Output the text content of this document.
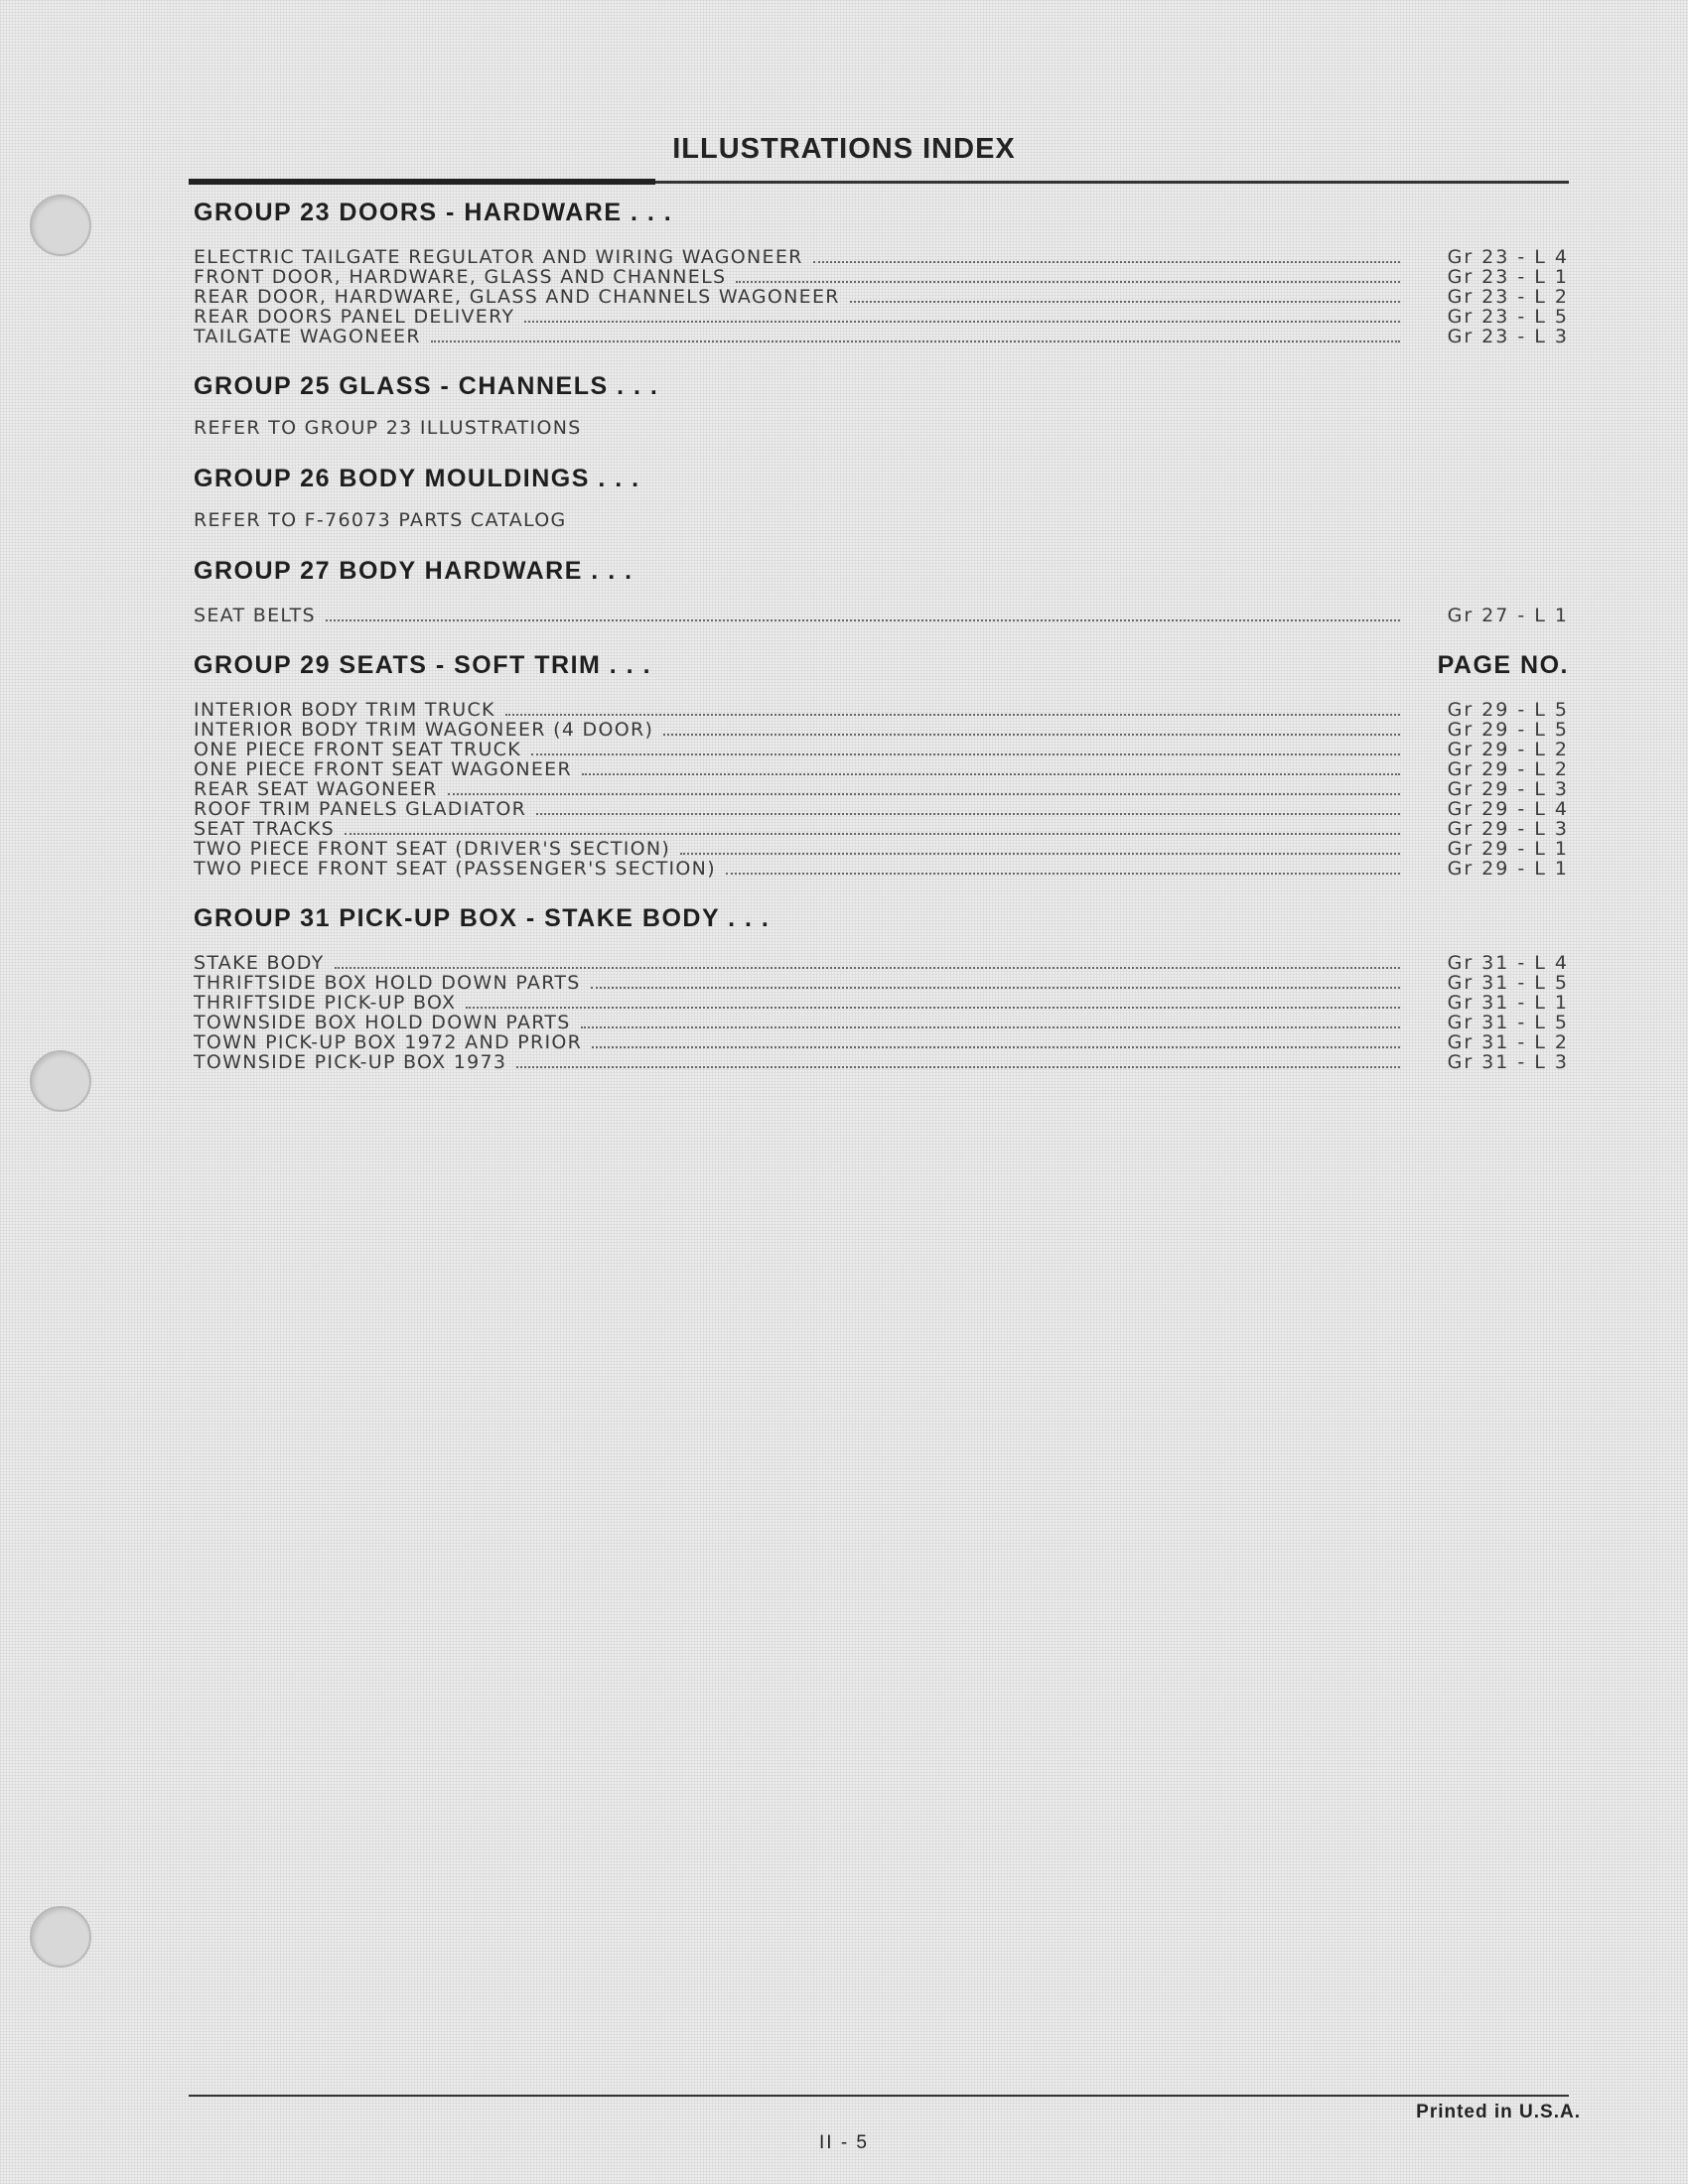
ILLUSTRATIONS INDEX
GROUP 23 DOORS - HARDWARE . . .
ELECTRIC TAILGATE REGULATOR AND WIRING WAGONEER	Gr 23 - L 4
FRONT DOOR, HARDWARE, GLASS AND CHANNELS	Gr 23 - L 1
REAR DOOR, HARDWARE, GLASS AND CHANNELS WAGONEER	Gr 23 - L 2
REAR DOORS PANEL DELIVERY	Gr 23 - L 5
TAILGATE WAGONEER	Gr 23 - L 3
GROUP 25 GLASS - CHANNELS . . .
REFER TO GROUP 23 ILLUSTRATIONS
GROUP 26 BODY MOULDINGS . . .
REFER TO F-76073 PARTS CATALOG
GROUP 27 BODY HARDWARE . . .
SEAT BELTS	Gr 27 - L 1
GROUP 29 SEATS - SOFT TRIM . . .	PAGE NO.
INTERIOR BODY TRIM TRUCK	Gr 29 - L 5
INTERIOR BODY TRIM WAGONEER (4 DOOR)	Gr 29 - L 5
ONE PIECE FRONT SEAT TRUCK	Gr 29 - L 2
ONE PIECE FRONT SEAT WAGONEER	Gr 29 - L 2
REAR SEAT WAGONEER	Gr 29 - L 3
ROOF TRIM PANELS GLADIATOR	Gr 29 - L 4
SEAT TRACKS	Gr 29 - L 3
TWO PIECE FRONT SEAT (DRIVER'S SECTION)	Gr 29 - L 1
TWO PIECE FRONT SEAT (PASSENGER'S SECTION)	Gr 29 - L 1
GROUP 31 PICK-UP BOX - STAKE BODY . . .
STAKE BODY	Gr 31 - L 4
THRIFTSIDE BOX HOLD DOWN PARTS	Gr 31 - L 5
THRIFTSIDE PICK-UP BOX	Gr 31 - L 1
TOWNSIDE BOX HOLD DOWN PARTS	Gr 31 - L 5
TOWN PICK-UP BOX 1972 AND PRIOR	Gr 31 - L 2
TOWNSIDE PICK-UP BOX 1973	Gr 31 - L 3
Printed in U.S.A.
II - 5
